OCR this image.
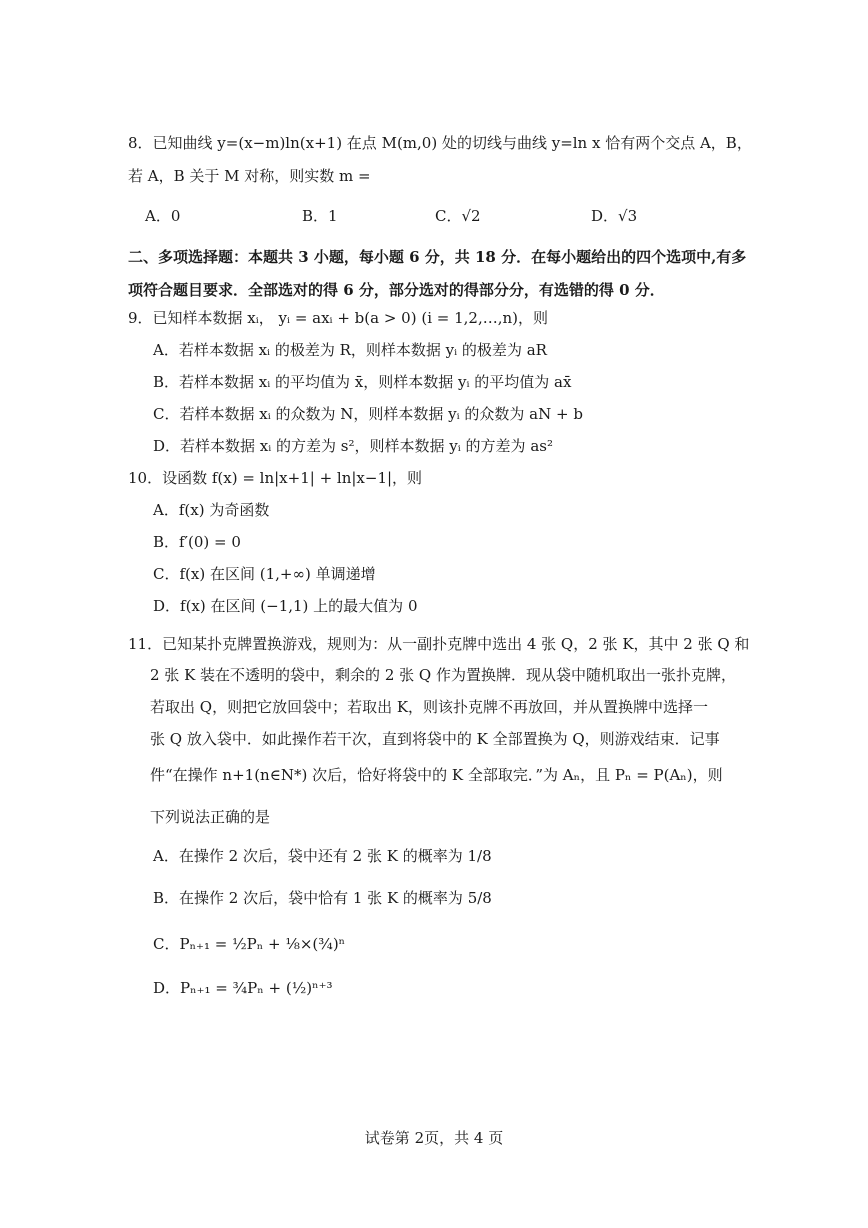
8．已知曲线 y=(x−m)ln(x+1) 在点 M(m,0) 处的切线与曲线 y=ln x 恰有两个交点 A，B，
若 A，B 关于 M 对称，则实数 m =
A．0	B．1	C．√2	D．√3
二、多项选择题：本题共 3 小题，每小题 6 分，共 18 分．在每小题给出的四个选项中,有多
项符合题目要求．全部选对的得 6 分，部分选对的得部分分，有选错的得 0 分．
9．已知样本数据 xᵢ， yᵢ = axᵢ + b(a > 0) (i = 1,2,…,n)，则
A．若样本数据 xᵢ 的极差为 R，则样本数据 yᵢ 的极差为 aR
B．若样本数据 xᵢ 的平均值为 x̄，则样本数据 yᵢ 的平均值为 ax̄
C．若样本数据 xᵢ 的众数为 N，则样本数据 yᵢ 的众数为 aN + b
D．若样本数据 xᵢ 的方差为 s²，则样本数据 yᵢ 的方差为 as²
10．设函数 f(x) = ln|x+1| + ln|x−1|，则
A．f(x) 为奇函数
B．f′(0) = 0
C．f(x) 在区间 (1,+∞) 单调递增
D．f(x) 在区间 (−1,1) 上的最大值为 0
11．已知某扑克牌置换游戏，规则为：从一副扑克牌中选出 4 张 Q，2 张 K，其中 2 张 Q 和
2 张 K 装在不透明的袋中，剩余的 2 张 Q 作为置换牌．现从袋中随机取出一张扑克牌，
若取出 Q，则把它放回袋中；若取出 K，则该扑克牌不再放回，并从置换牌中选择一
张 Q 放入袋中．如此操作若干次，直到将袋中的 K 全部置换为 Q，则游戏结束．记事
件“在操作 n+1(n∈N*) 次后，恰好将袋中的 K 全部取完．”为 Aₙ，且 Pₙ = P(Aₙ)，则
下列说法正确的是
A．在操作 2 次后，袋中还有 2 张 K 的概率为 1/8
B．在操作 2 次后，袋中恰有 1 张 K 的概率为 5/8
C．Pₙ₊₁ = ½Pₙ + ⅛×(¾)ⁿ
D．Pₙ₊₁ = ¾Pₙ + (½)ⁿ⁺³
试卷第 2页，共 4 页
